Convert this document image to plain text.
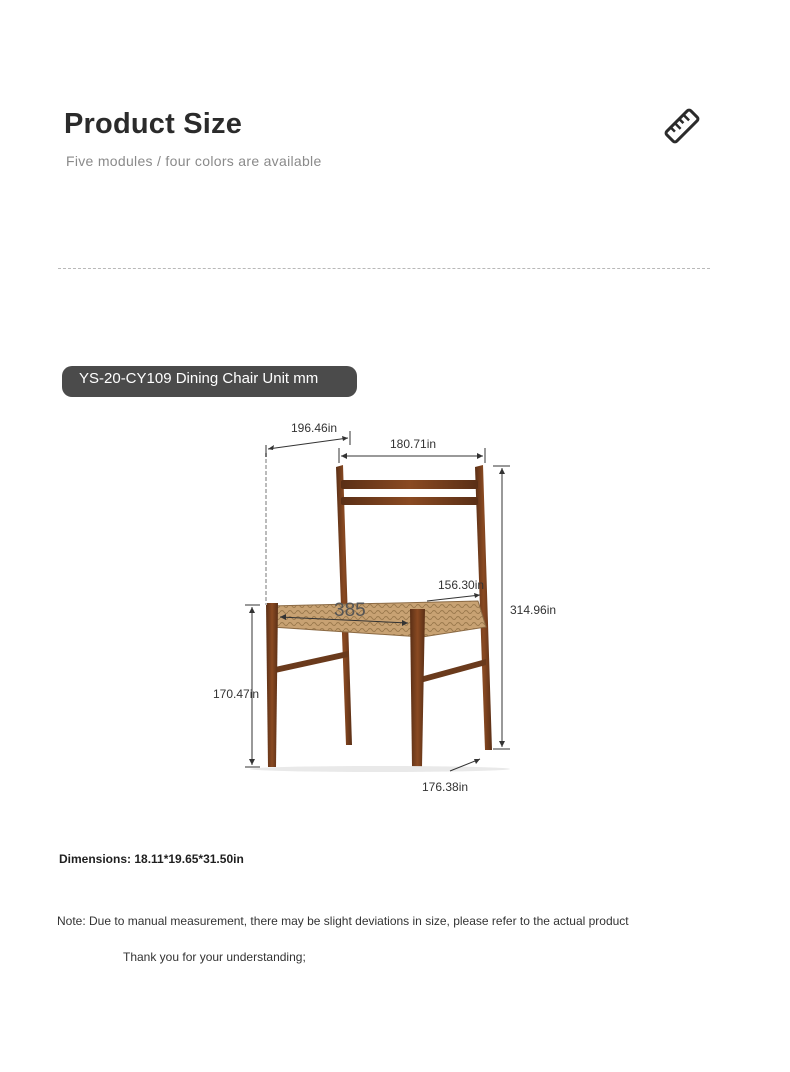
Product Size
Five modules / four colors are available
YS-20-CY109 Dining Chair Unit mm
196.46in
180.71in
314.96in
156.30in
385
170.47in
176.38in
Dimensions: 18.11*19.65*31.50in
Note: Due to manual measurement, there may be slight deviations in size, please refer to the actual product
Thank you for your understanding;
